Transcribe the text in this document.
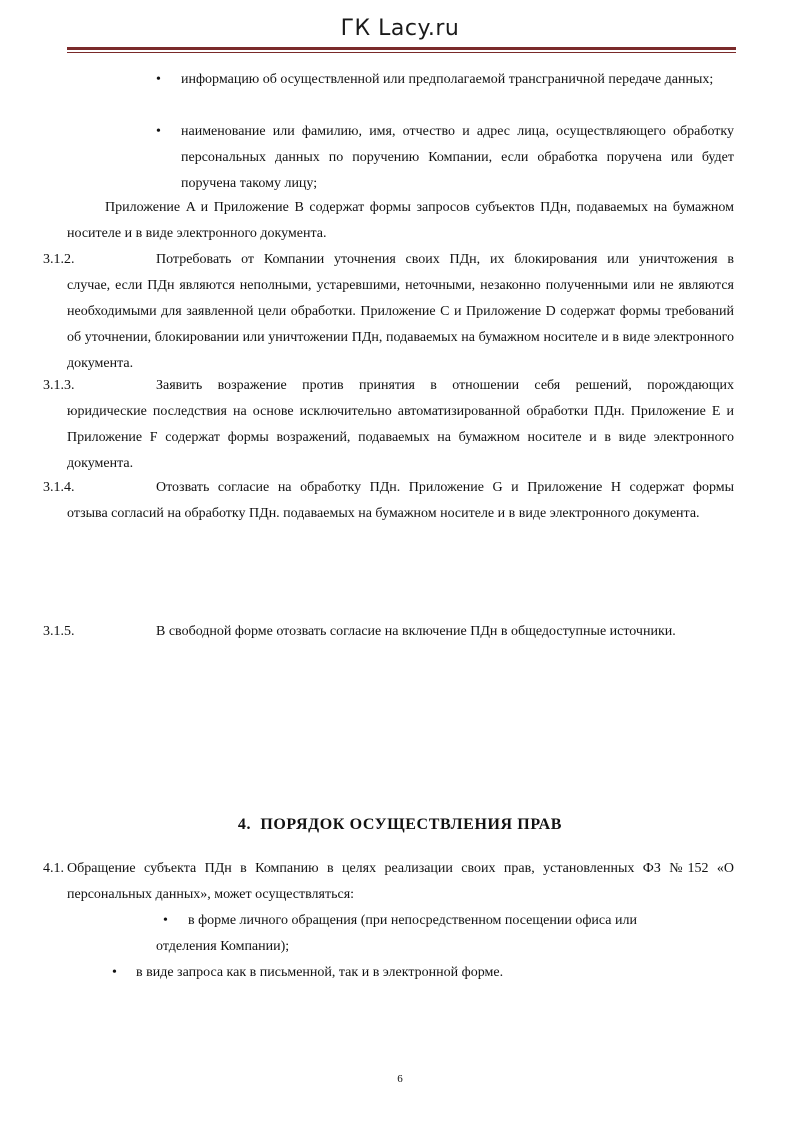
ГК Lacy.ru
• информацию об осуществленной или предполагаемой трансграничной передаче данных;
• наименование или фамилию, имя, отчество и адрес лица, осуществляющего обработку персональных данных по поручению Компании, если обработка поручена или будет поручена такому лицу;
Приложение A и Приложение B содержат формы запросов субъектов ПДн, подаваемых на бумажном носителе и в виде электронного документа.
3.1.2.	Потребовать от Компании уточнения своих ПДн, их блокирования или уничтожения в
случае, если ПДн являются неполными, устаревшими, неточными, незаконно полученными или не являются необходимыми для заявленной цели обработки. Приложение C и Приложение D содержат формы требований об уточнении, блокировании или уничтожении ПДн, подаваемых на бумажном носителе и в виде электронного документа.
3.1.3.	Заявить возражение против принятия в отношении себя решений, порождающих
юридические последствия на основе исключительно автоматизированной обработки ПДн. Приложение E и Приложение F содержат формы возражений, подаваемых на бумажном носителе и в виде электронного документа.
3.1.4.	Отозвать согласие на обработку ПДн. Приложение G и Приложение H содержат формы
отзыва согласий на обработку ПДн. подаваемых на бумажном носителе и в виде электронного документа.
3.1.5.	В свободной форме отозвать согласие на включение ПДн в общедоступные источники.
4. ПОРЯДОК ОСУЩЕСТВЛЕНИЯ ПРАВ
4.1. Обращение субъекта ПДн в Компанию в целях реализации своих прав, установленных ФЗ №152 «О
персональных данных», может осуществляться:
• в форме личного обращения (при непосредственном посещении офиса или
отделения Компании);
• в виде запроса как в письменной, так и в электронной форме.
6
